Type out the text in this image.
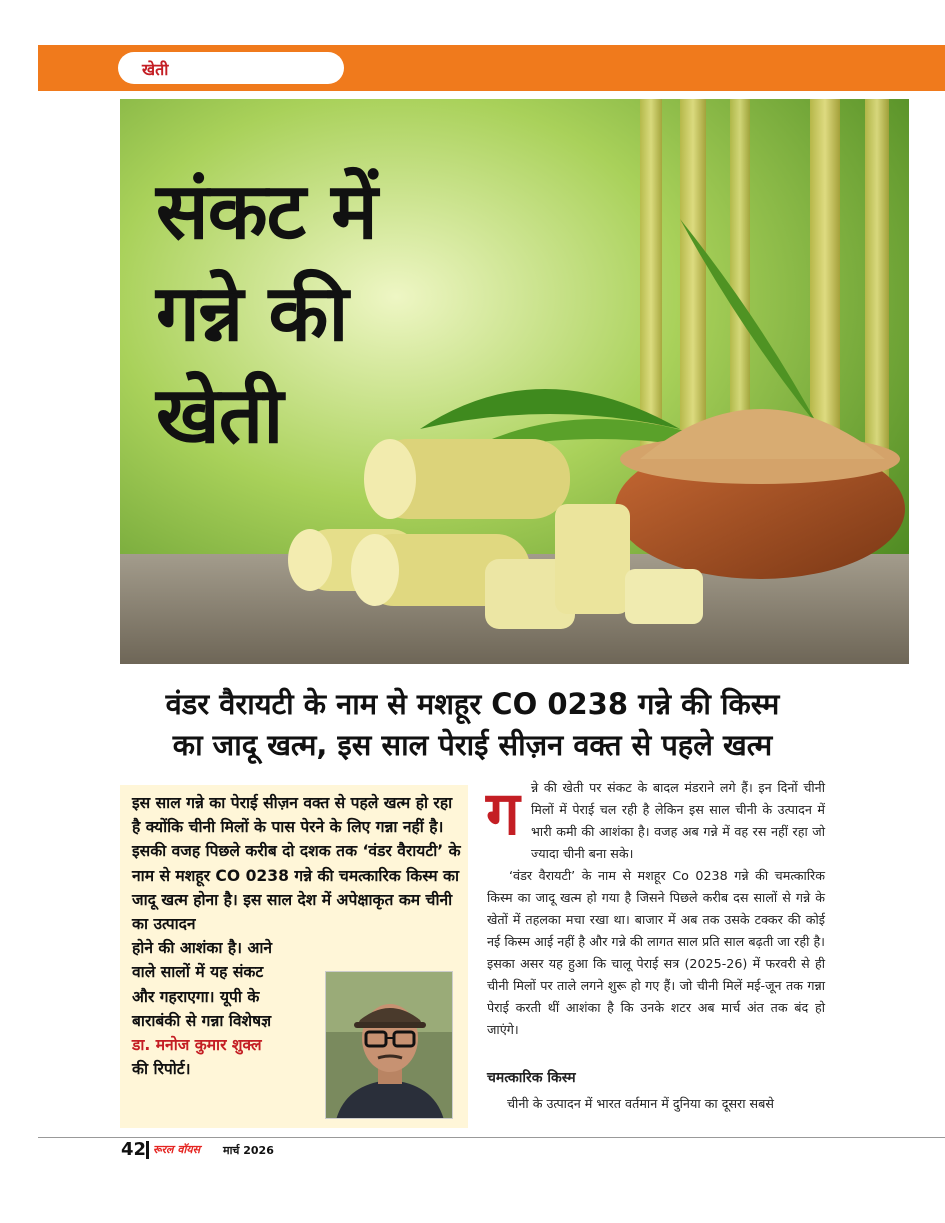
खेती
संकट में
गन्ने की
खेती
वंडर वैरायटी के नाम से मशहूर CO 0238 गन्ने की किस्म
का जादू खत्म, इस साल पेराई सीज़न वक्त से पहले खत्म
इस साल गन्ने का पेराई सीज़न वक्त से पहले खत्म हो रहा है क्योंकि चीनी मिलों के पास पेरने के लिए गन्ना नहीं है। इसकी वजह पिछले करीब दो दशक तक ‘वंडर वैरायटी’ के नाम से मशहूर CO 0238 गन्ने की चमत्कारिक किस्म का जादू खत्म होना है। इस साल देश में अपेक्षाकृत कम चीनी का उत्पादन
होने की आशंका है। आने
वाले सालों में यह संकट
और गहराएगा। यूपी के
बाराबंकी से गन्ना विशेषज्ञ
डा. मनोज कुमार शुक्ल
की रिपोर्ट।
ग न्ने की खेती पर संकट के बादल मंडराने लगे हैं। इन दिनों चीनी मिलों में पेराई चल रही है लेकिन इस साल चीनी के उत्पादन में भारी कमी की आशंका है। वजह अब गन्ने में वह रस नहीं रहा जो ज्यादा चीनी बना सके।

‘वंडर वैरायटी’ के नाम से मशहूर Co 0238 गन्ने की चमत्कारिक किस्म का जादू खत्म हो गया है जिसने पिछले करीब दस सालों से गन्ने के खेतों में तहलका मचा रखा था। बाजार में अब तक उसके टक्कर की कोई नई किस्म आई नहीं है और गन्ने की लागत साल प्रति साल बढ़ती जा रही है। इसका असर यह हुआ कि चालू पेराई सत्र (2025-26) में फरवरी से ही चीनी मिलों पर ताले लगने शुरू हो गए हैं। जो चीनी मिलें मई-जून तक गन्ना पेराई करती थीं आशंका है कि उनके शटर अब मार्च अंत तक बंद हो जाएंगे।

चमत्कारिक किस्म
चीनी के उत्पादन में भारत वर्तमान में दुनिया का दूसरा सबसे
42 रूरल वॉयस मार्च 2026
